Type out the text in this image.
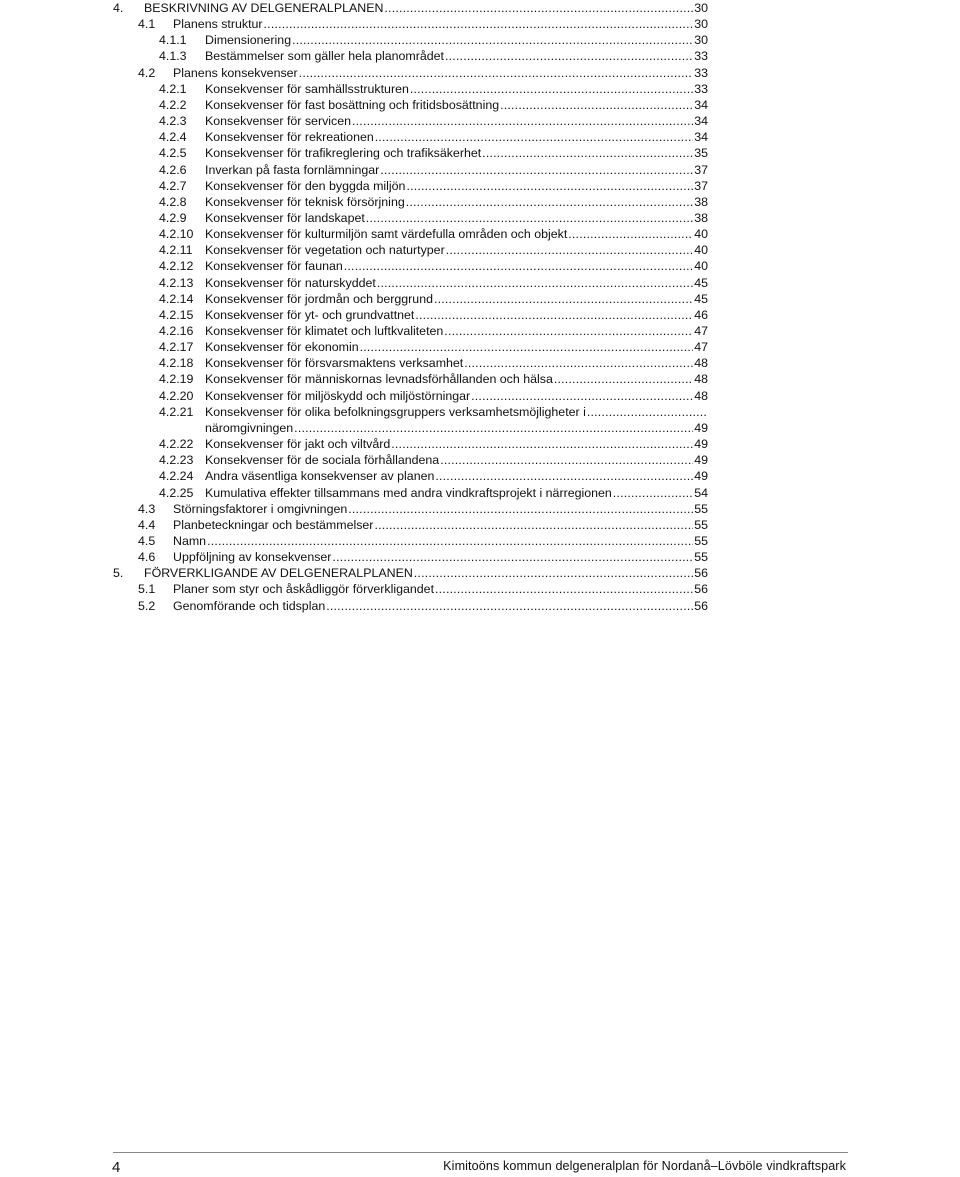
4.	BESKRIVNING AV DELGENERALPLANEN .....	30
4.1	Planens struktur .....	30
4.1.1	Dimensionering .....	30
4.1.3	Bestämmelser som gäller hela planområdet .....	33
4.2	Planens konsekvenser .....	33
4.2.1	Konsekvenser för samhällsstrukturen .....	33
4.2.2	Konsekvenser för fast bosättning och fritidsbosättning .....	34
4.2.3	Konsekvenser för servicen .....	34
4.2.4	Konsekvenser för rekreationen .....	34
4.2.5	Konsekvenser för trafikreglering och trafiksäkerhet .....	35
4.2.6	Inverkan på fasta fornlämningar .....	37
4.2.7	Konsekvenser för den byggda miljön .....	37
4.2.8	Konsekvenser för teknisk försörjning .....	38
4.2.9	Konsekvenser för landskapet .....	38
4.2.10 Konsekvenser för kulturmiljön samt värdefulla områden och objekt .....	40
4.2.11	Konsekvenser för vegetation och naturtyper .....	40
4.2.12 Konsekvenser för faunan .....	40
4.2.13 Konsekvenser för naturskyddet .....	45
4.2.14 Konsekvenser för jordmån och berggrund .....	45
4.2.15 Konsekvenser för yt- och grundvattnet .....	46
4.2.16 Konsekvenser för klimatet och luftkvaliteten .....	47
4.2.17 Konsekvenser för ekonomin .....	47
4.2.18 Konsekvenser för försvarsmaktens verksamhet .....	48
4.2.19 Konsekvenser för människornas levnadsförhållanden och hälsa .....	48
4.2.20 Konsekvenser för miljöskydd och miljöstörningar .....	48
4.2.21 Konsekvenser för olika befolkningsgruppers verksamhetsmöjligheter i
.....
näromgivningen .....	49
4.2.22 Konsekvenser för jakt och viltvård .....	49
4.2.23 Konsekvenser för de sociala förhållandena .....	49
4.2.24 Andra väsentliga konsekvenser av planen .....	49
4.2.25 Kumulativa effekter tillsammans med andra vindkraftsprojekt i närregionen .....	54
4.3	Störningsfaktorer i omgivningen .....	55
4.4	Planbeteckningar och bestämmelser .....	55
4.5	Namn .....	55
4.6	Uppföljning av konsekvenser .....	55
5.	FÖRVERKLIGANDE AV DELGENERALPLANEN .....	56
5.1	Planer som styr och åskådliggör förverkligandet .....	56
5.2	Genomförande och tidsplan .....	56
4	Kimitoöns kommun delgeneralplan för Nordanå–Lövböle vindkraftspark
